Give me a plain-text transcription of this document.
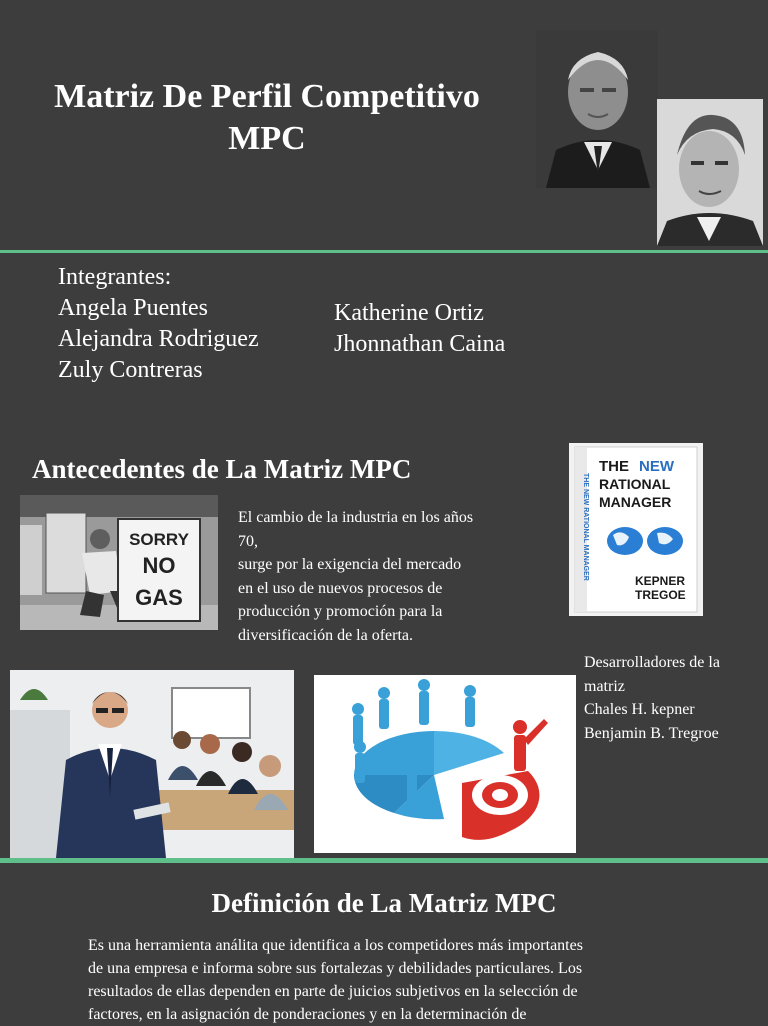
Matriz De Perfil Competitivo
MPC
Integrantes:
Angela Puentes
Alejandra Rodriguez
Zuly Contreras
Katherine Ortiz
Jhonnathan Caina
Antecedentes de La Matriz MPC
SORRY
NO
GAS
El cambio de la industria en los años
70,
surge por la exigencia del mercado
en el uso de nuevos procesos de
producción y promoción para la
diversificación de la oferta.
THE NEW
RATIONAL
MANAGER
THE NEW RATIONAL MANAGER
KEPNER
TREGOE
Desarrolladores de la
matriz
Chales H. kepner
Benjamin B. Tregroe
Definición de La Matriz MPC
Es una herramienta análita que identifica a los competidores más importantes
de una empresa e informa sobre sus fortalezas y debilidades particulares. Los
resultados de ellas dependen en parte de juicios subjetivos en la selección de
factores, en la asignación de ponderaciones y en la determinación de
